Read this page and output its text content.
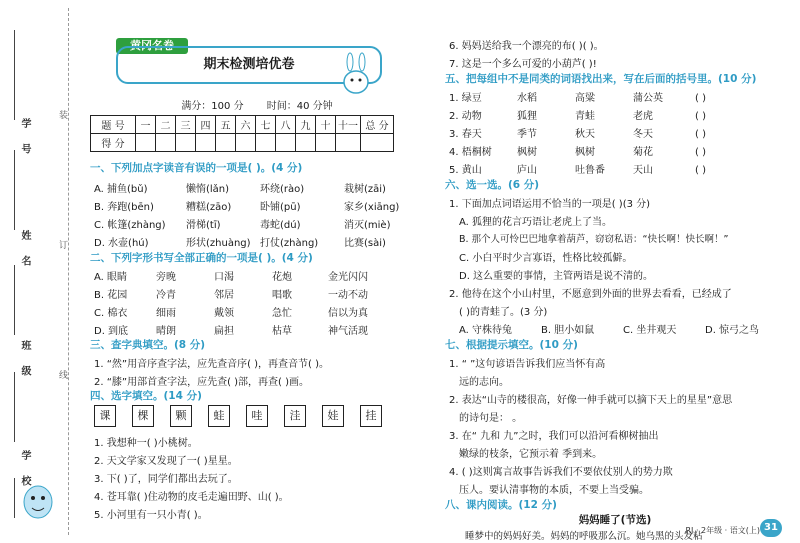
学 号
姓 名
班 级
学 校
装
订
线
黄冈名卷
期末检测培优卷
满分：100 分 时间：40 分钟
题 号	一	二	三	四	五	六	七	八	九	十	十一	总 分
得 分												
一、下列加点字读音有误的一项是( )。(4 分)
A. 捕鱼(bǔ)	懒惰(lǎn)	环绕(rào)	栽树(zāi)
B. 奔跑(bēn)	糟糕(zāo)	卧铺(pū)	家乡(xiāng)
C. 帐篷(zhàng) 滑梯(tī)	毒蛇(dú)	消灭(miè)
D. 水壶(hú)	形状(zhuàng) 打仗(zhàng)	比赛(sài)
二、下列字形书写全部正确的一项是( )。(4 分)
A. 眼睛	旁晚	口渴	花炮	金光闪闪
B. 花园	冷青	邻居	唱歌	一动不动
C. 棉衣	细雨	戴领	急忙	信以为真
D. 到底	晴朗	扁担	枯草	神气活现
三、查字典填空。(8 分)
1. “然”用音序查字法，应先查音序( )，再查音节( )。
2. “膝”用部首查字法，应先查( )部，再查( )画。
四、选字填空。(14 分)
课 棵 颗 蛙 哇 洼 娃 挂
1. 我想种一( )小桃树。
2. 天文学家又发现了一( )星星。
3. 下( )了，同学们都出去玩了。
4. 苍耳靠( )住动物的皮毛走遍田野、山( )。
5. 小河里有一只小青( )。
6. 妈妈送给我一个漂亮的布( )( )。
7. 这是一个多么可爱的小葫芦( )!
五、把每组中不是同类的词语找出来，写在后面的括号里。(10 分)
1. 绿豆	水稻	高粱	蒲公英	( )
2. 动物	狐狸	青蛙	老虎	( )
3. 春天	季节	秋天	冬天	( )
4. 梧桐树	枫树	枫树	菊花	( )
5. 黄山	庐山	吐鲁番	天山	( )
六、选一选。(6 分)
1. 下面加点词语运用不恰当的一项是( )(3 分)
A. 狐狸的花言巧语让老虎上了当。
B. 那个人可怜巴巴地拿着葫芦，窃窃私语：“快长啊！快长啊！”
C. 小白平时少言寡语，性格比较孤僻。
D. 这么重要的事情，主管两语是说不清的。
2. 他待在这个小山村里，不愿意到外面的世界去看看，已经成了
( )的青蛙了。(3 分)
A. 守株待兔	B. 胆小如鼠	C. 坐井观天	D. 惊弓之鸟
七、根据提示填空。(10 分)
1. “ ”这句谚语告诉我们应当怀有高
远的志向。
2. 表达“山寺的楼很高，好像一伸手就可以摘下天上的星星”意思
的诗句是： 。
3. 在“ 九和 九”之时，我们可以沿河看柳树抽出
嫩绿的枝条，它预示着 季到来。
4. ( )这则寓言故事告诉我们不要依仗别人的势力欺
压人。要认清事物的本质，不要上当受骗。
八、课内阅读。(12 分)
妈妈睡了(节选)
睡梦中的妈妈好美。妈妈的呼吸那么沉。她乌黑的头发粘
RJ · 2年级 · 语文(上) 31
